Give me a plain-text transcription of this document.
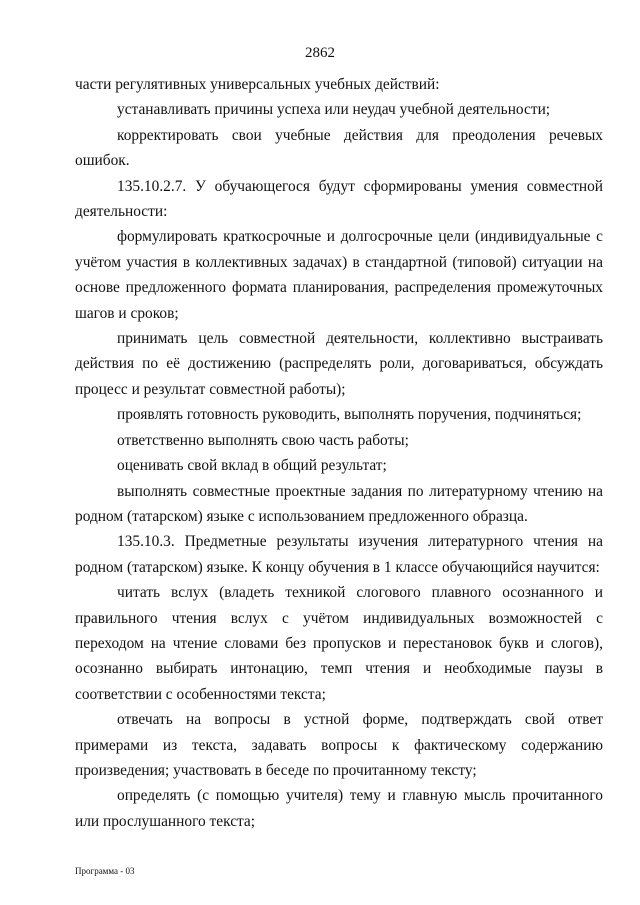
2862

части регулятивных универсальных учебных действий:

устанавливать причины успеха или неудач учебной деятельности;

корректировать свои учебные действия для преодоления речевых ошибок.

135.10.2.7. У обучающегося будут сформированы умения совместной деятельности:

формулировать краткосрочные и долгосрочные цели (индивидуальные с учётом участия в коллективных задачах) в стандартной (типовой) ситуации на основе предложенного формата планирования, распределения промежуточных шагов и сроков;

принимать цель совместной деятельности, коллективно выстраивать действия по её достижению (распределять роли, договариваться, обсуждать процесс и результат совместной работы);

проявлять готовность руководить, выполнять поручения, подчиняться;

ответственно выполнять свою часть работы;

оценивать свой вклад в общий результат;

выполнять совместные проектные задания по литературному чтению на родном (татарском) языке с использованием предложенного образца.

135.10.3. Предметные результаты изучения литературного чтения на родном (татарском) языке. К концу обучения в 1 классе обучающийся научится:

читать вслух (владеть техникой слогового плавного осознанного и правильного чтения вслух с учётом индивидуальных возможностей с переходом на чтение словами без пропусков и перестановок букв и слогов), осознанно выбирать интонацию, темп чтения и необходимые паузы в соответствии с особенностями текста;

отвечать на вопросы в устной форме, подтверждать свой ответ примерами из текста, задавать вопросы к фактическому содержанию произведения; участвовать в беседе по прочитанному тексту;

определять (с помощью учителя) тему и главную мысль прочитанного или прослушанного текста;

Программа - 03
